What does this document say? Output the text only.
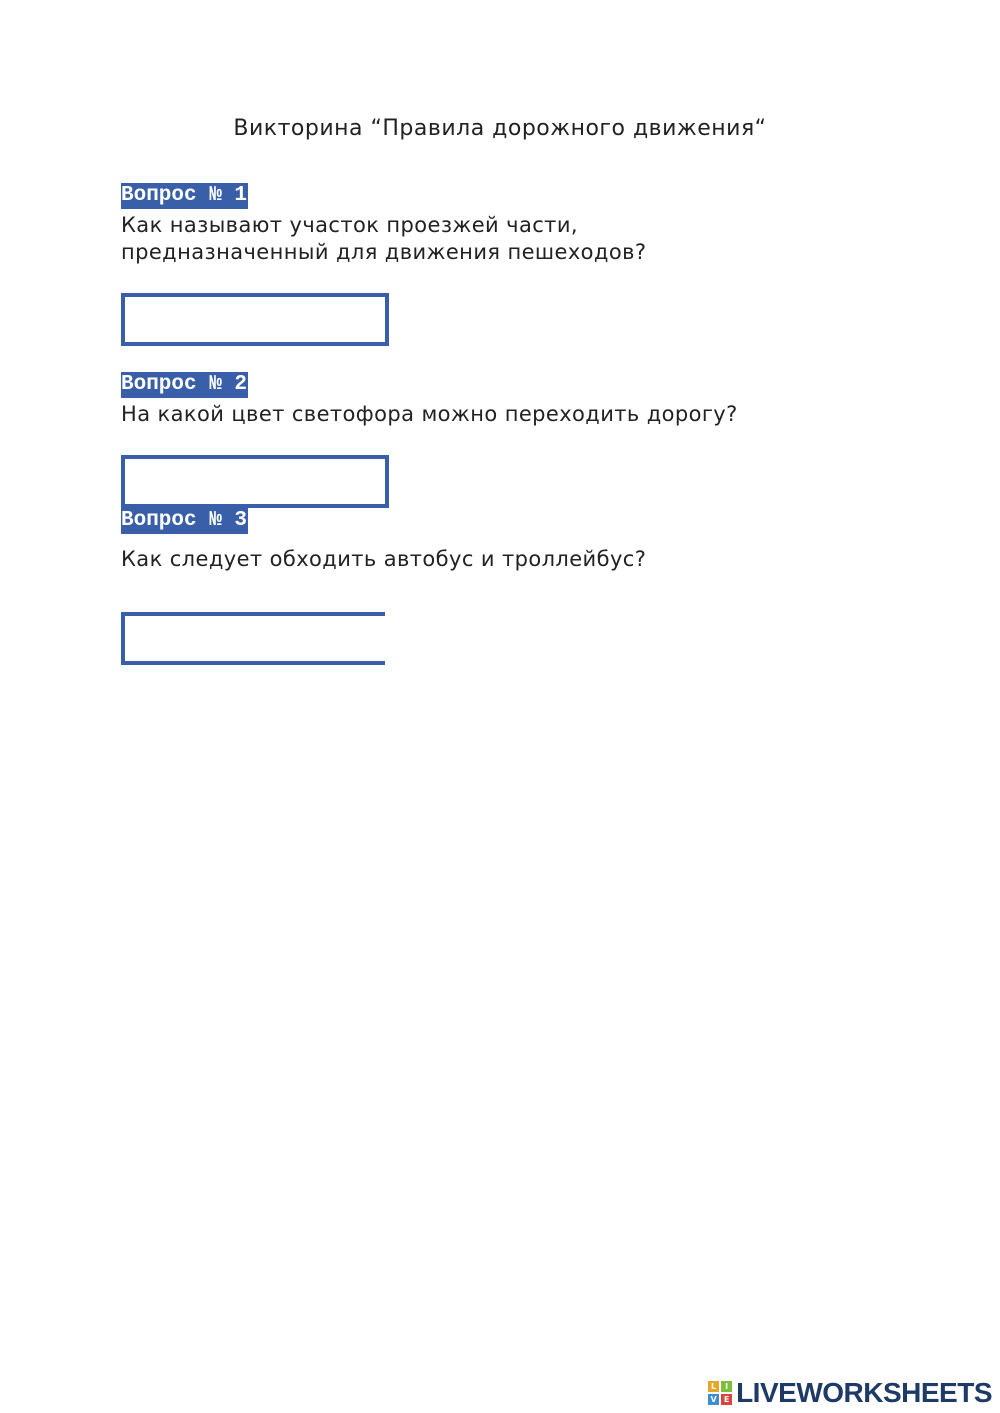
Викторина “Правила дорожного движения“
Вопрос № 1
Как называют участок проезжей части, предназначенный для движения пешеходов?
Вопрос № 2
На какой цвет светофора можно переходить дорогу?
Вопрос № 3
Как следует обходить автобус и троллейбус?
L	I
V E LIVEWORKSHEETS
